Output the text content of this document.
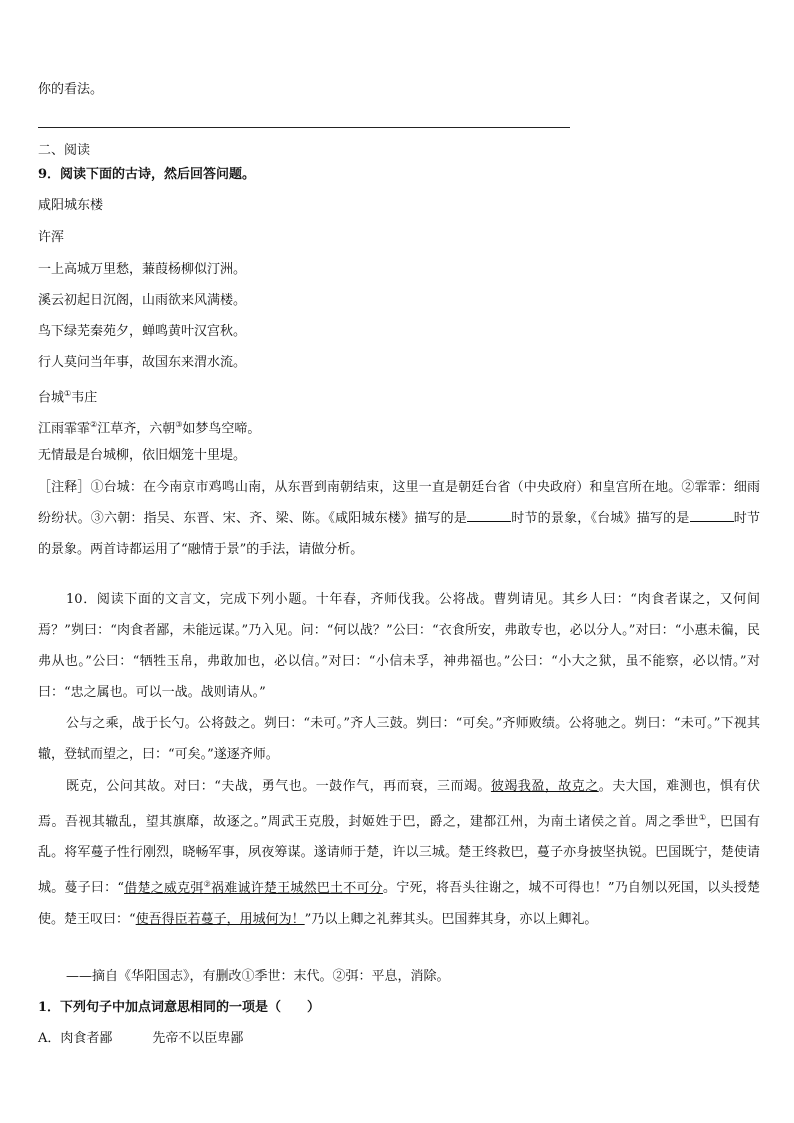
你的看法。
二、阅读
9．阅读下面的古诗，然后回答问题。
咸阳城东楼
许浑
一上高城万里愁，蒹葭杨柳似汀洲。
溪云初起日沉阁，山雨欲来风满楼。
鸟下绿芜秦苑夕，蝉鸣黄叶汉宫秋。
行人莫问当年事，故国东来渭水流。
台城①韦庄
江雨霏霏②江草齐，六朝③如梦鸟空啼。
无情最是台城柳，依旧烟笼十里堤。
［注释］①台城：在今南京市鸡鸣山南，从东晋到南朝结束，这里一直是朝廷台省（中央政府）和皇宫所在地。②霏霏：细雨纷纷状。③六朝：指吴、东晋、宋、齐、梁、陈。《咸阳城东楼》描写的是	时节的景象，《台城》描写的是	时节的景象。两首诗都运用了“融情于景”的手法，请做分析。
10．阅读下面的文言文，完成下列小题。十年春，齐师伐我。公将战。曹刿请见。其乡人曰：“肉食者谋之，又何间焉？”刿曰：“肉食者鄙，未能远谋。”乃入见。问：“何以战？”公曰：“衣食所安，弗敢专也，必以分人。”对曰：“小惠未徧，民弗从也。”公曰：“牺牲玉帛，弗敢加也，必以信。”对曰：“小信未孚，神弗福也。”公曰：“小大之狱，虽不能察，必以情。”对曰：“忠之属也。可以一战。战则请从。”
公与之乘，战于长勺。公将鼓之。刿曰：“未可。”齐人三鼓。刿曰：“可矣。”齐师败绩。公将驰之。刿曰：“未可。”下视其辙，登轼而望之，曰：“可矣。”遂逐齐师。
既克，公问其故。对曰：“夫战，勇气也。一鼓作气，再而衰，三而竭。彼竭我盈，故克之。夫大国，难测也，惧有伏焉。吾视其辙乱，望其旗靡，故逐之。”周武王克殷，封姬姓于巴，爵之，建都江州，为南土诸侯之首。周之季世①，巴国有乱。将军蔓子性行刚烈，晓畅军事，夙夜筹谋。遂请师于楚，许以三城。楚王终救巴，蔓子亦身披坚执锐。巴国既宁，楚使请城。蔓子曰：“借楚之威克弭②祸难诚许楚王城然巴土不可分。宁死，将吾头往谢之，城不可得也！”乃自刎以死国，以头授楚使。楚王叹曰：“使吾得臣若蔓子，用城何为！”乃以上卿之礼葬其头。巴国葬其身，亦以上卿礼。
——摘自《华阳国志》，有删改①季世：末代。②弭：平息，消除。
1．下列句子中加点词意思相同的一项是（　　）
A．肉食者鄙	先帝不以臣卑鄙
